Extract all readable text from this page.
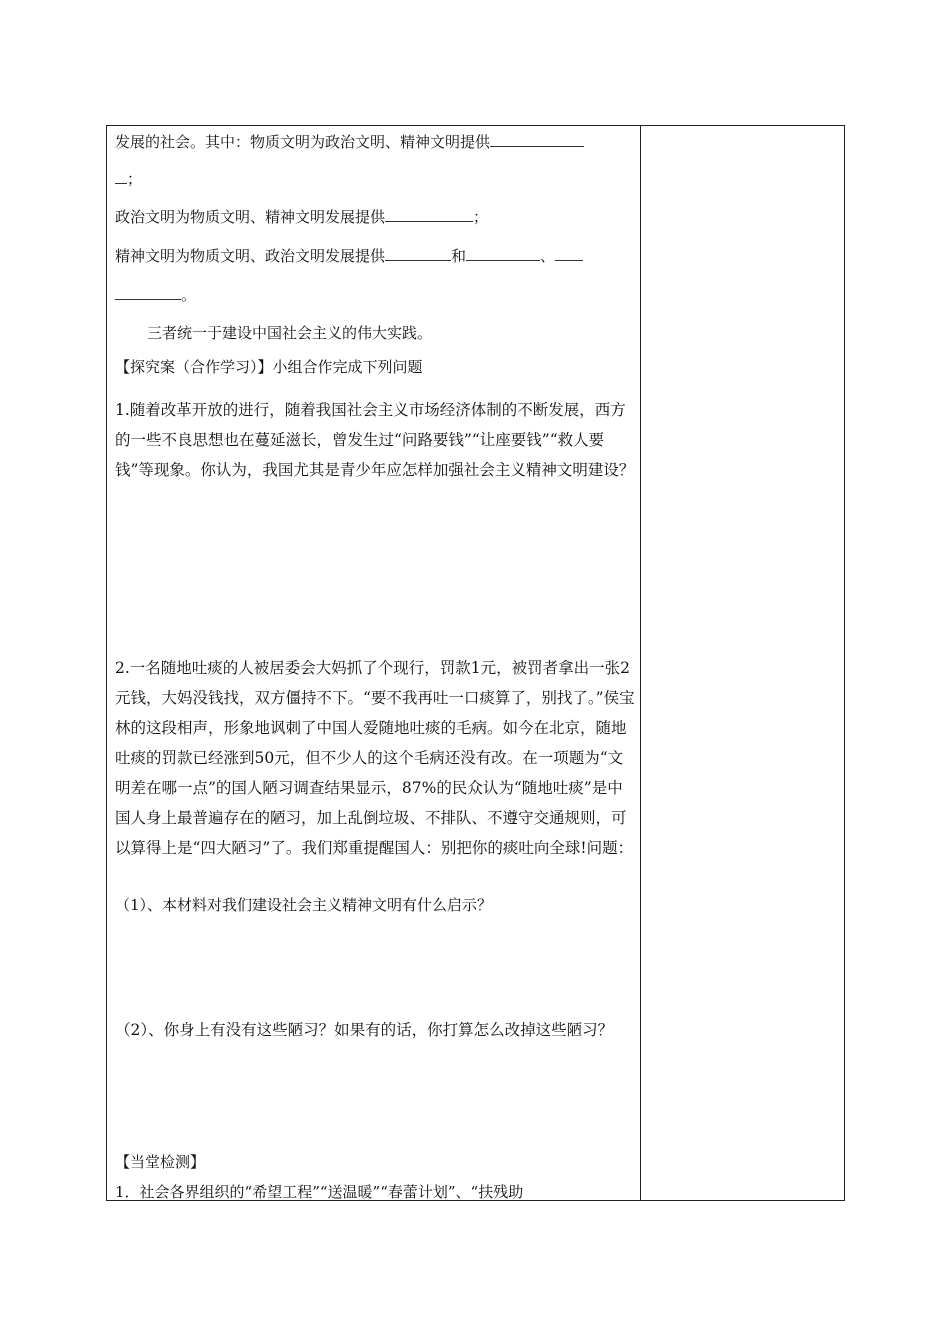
发展的社会。其中：物质文明为政治文明、精神文明提供
；
政治文明为物质文明、精神文明发展提供	；
精神文明为物质文明、政治文明发展提供	和	、
。
三者统一于建设中国社会主义的伟大实践。
【探究案（合作学习）】小组合作完成下列问题
1.随着改革开放的进行，随着我国社会主义市场经济体制的不断发展，西方的一些不良思想也在蔓延滋长，曾发生过“问路要钱”“让座要钱”“救人要钱”等现象。你认为，我国尤其是青少年应怎样加强社会主义精神文明建设？
2.一名随地吐痰的人被居委会大妈抓了个现行，罚款1元，被罚者拿出一张2元钱，大妈没钱找，双方僵持不下。“要不我再吐一口痰算了，别找了。”侯宝林的这段相声，形象地讽刺了中国人爱随地吐痰的毛病。如今在北京，随地吐痰的罚款已经涨到50元，但不少人的这个毛病还没有改。在一项题为“文明差在哪一点”的国人陋习调查结果显示，87%的民众认为“随地吐痰”是中国人身上最普遍存在的陋习，加上乱倒垃圾、不排队、不遵守交通规则，可以算得上是“四大陋习”了。我们郑重提醒国人：别把你的痰吐向全球!问题：
（1）、本材料对我们建设社会主义精神文明有什么启示？
（2）、你身上有没有这些陋习？如果有的话，你打算怎么改掉这些陋习？
【当堂检测】
1．社会各界组织的“希望工程”“送温暖”“春蕾计划”、“扶残助
